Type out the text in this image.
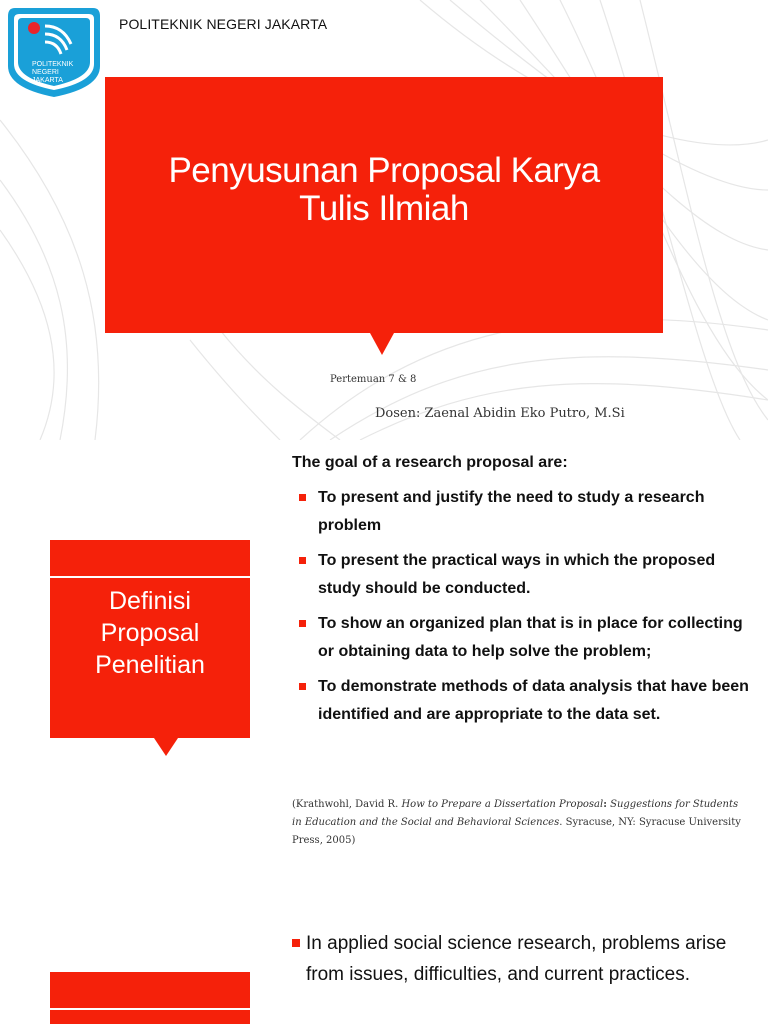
POLITEKNIK
NEGERI
JAKARTA
POLITEKNIK NEGERI JAKARTA
Penyusunan Proposal Karya Tulis Ilmiah
Pertemuan 7 & 8
Dosen: Zaenal Abidin Eko Putro, M.Si
Definisi
Proposal
Penelitian
The goal of a research proposal are:
To present and justify the need to study a research problem
To present the practical ways in which the proposed study should be conducted.
To show an organized plan that is in place for collecting or obtaining data to help solve the problem;
To demonstrate methods of data analysis that have been identified and are appropriate to the data set.
(Krathwohl, David R. How to Prepare a Dissertation Proposal: Suggestions for Students in Education and the Social and Behavioral Sciences. Syracuse, NY: Syracuse University Press, 2005)
In applied social science research, problems arise from issues, difficulties, and current practices.
